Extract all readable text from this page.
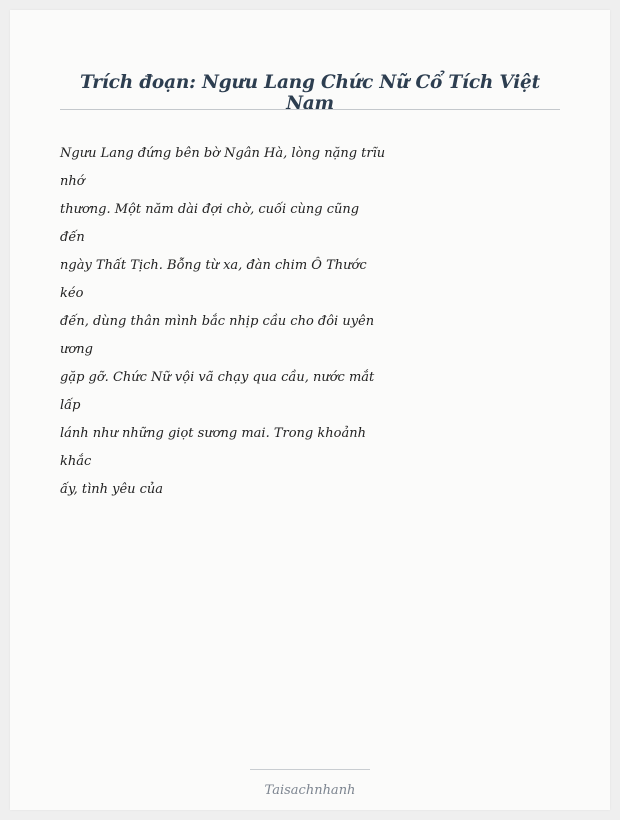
Trích đoạn: Ngưu Lang Chức Nữ Cổ Tích Việt Nam
Ngưu Lang đứng bên bờ Ngân Hà, lòng nặng trĩu
nhớ
thương. Một năm dài đợi chờ, cuối cùng cũng
đến
ngày Thất Tịch. Bỗng từ xa, đàn chim Ô Thước
kéo
đến, dùng thân mình bắc nhịp cầu cho đôi uyên
ương
gặp gỡ. Chức Nữ vội vã chạy qua cầu, nước mắt
lấp
lánh như những giọt sương mai. Trong khoảnh
khắc
ấy, tình yêu của
Taisachnhanh
